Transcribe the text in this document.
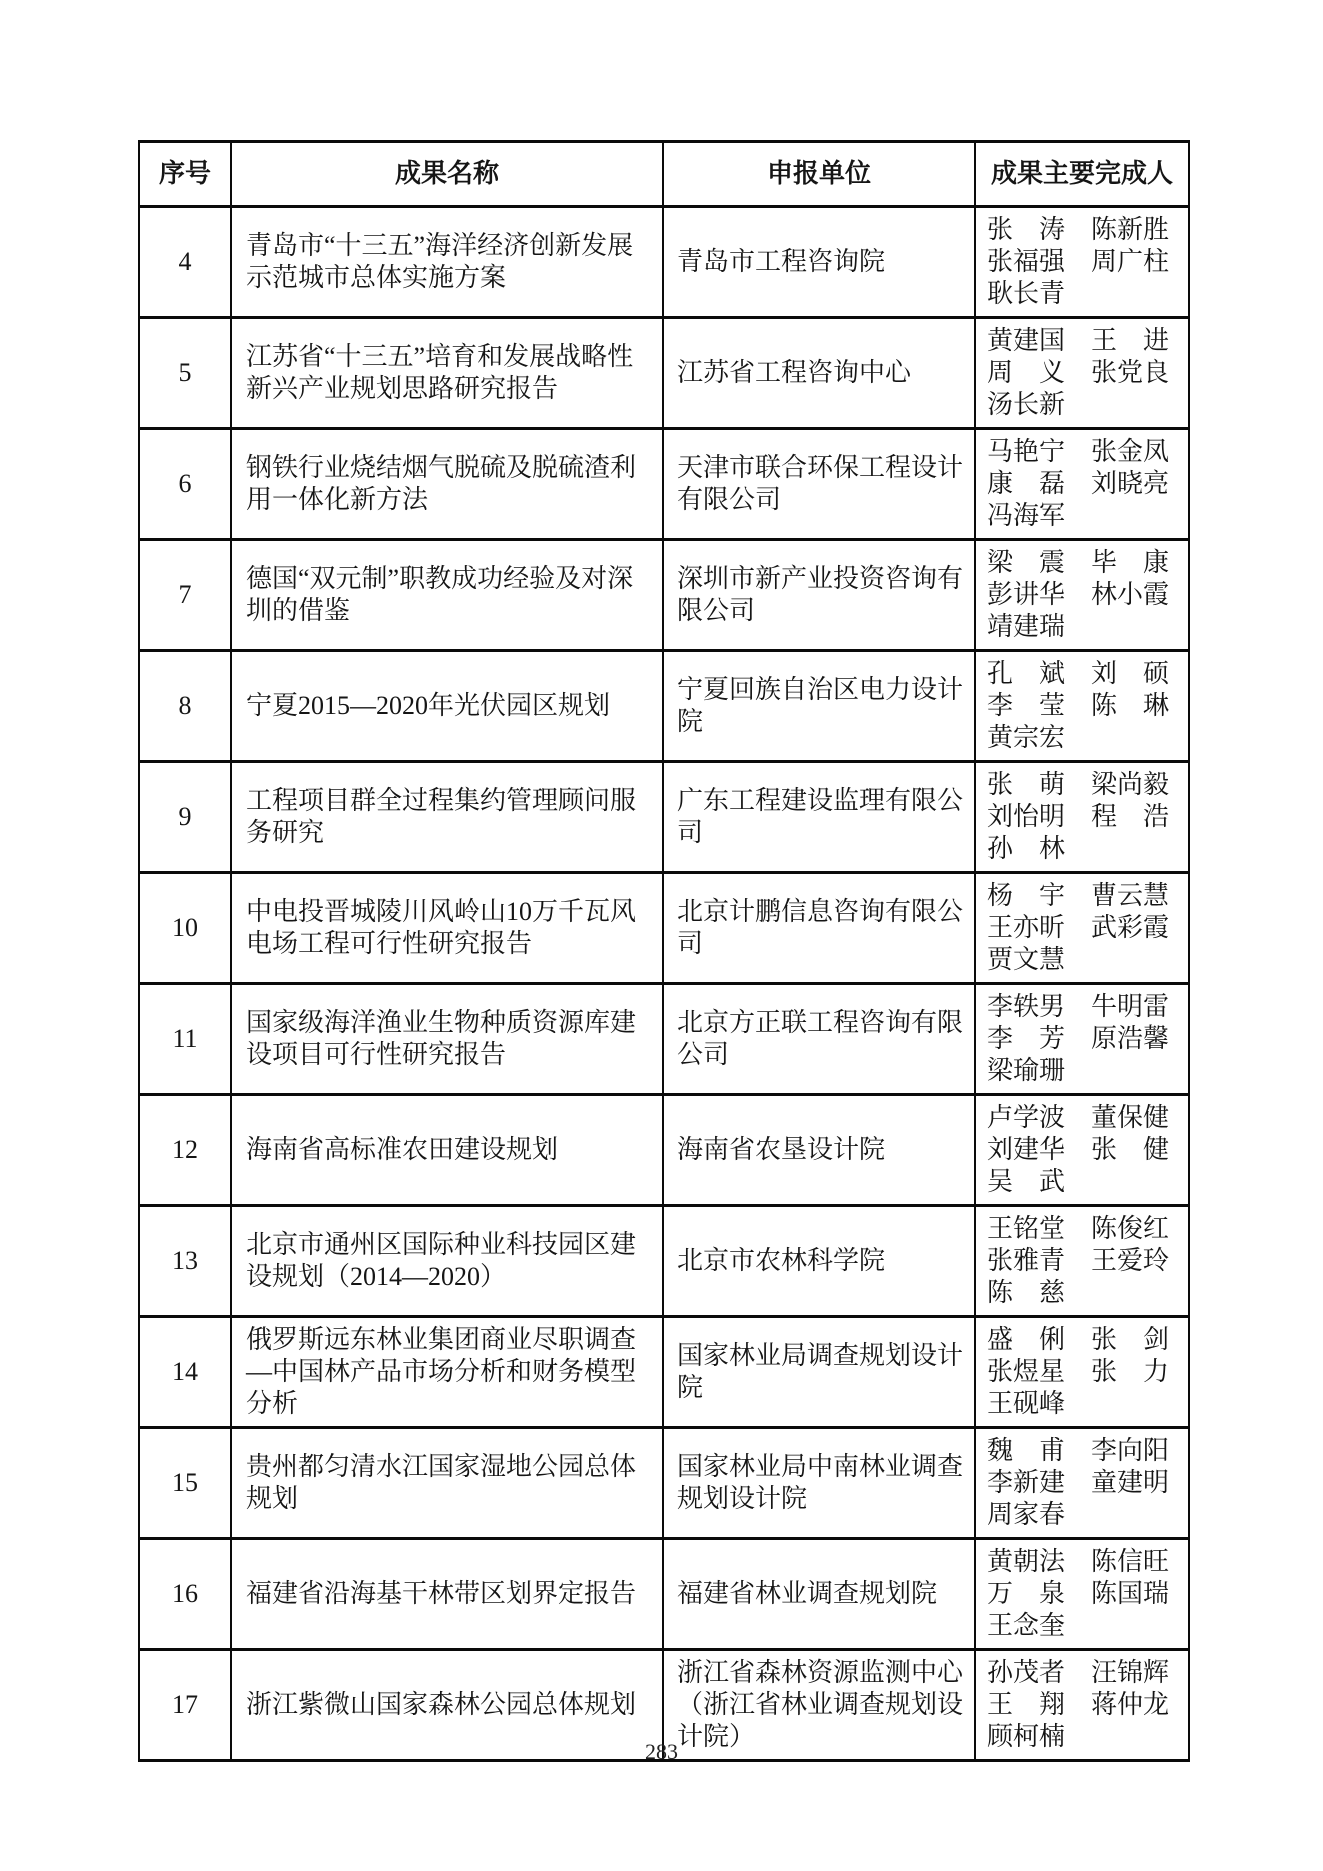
序号	成果名称	申报单位	成果主要完成人
4	青岛市“十三五”海洋经济创新发展示范城市总体实施方案	青岛市工程咨询院	张　涛　陈新胜
张福强　周广柱
耿长青

5	江苏省“十三五”培育和发展战略性新兴产业规划思路研究报告	江苏省工程咨询中心	黄建国　王　进
周　义　张党良
汤长新

6	钢铁行业烧结烟气脱硫及脱硫渣利用一体化新方法	天津市联合环保工程设计有限公司	马艳宁　张金凤
康　磊　刘晓亮
冯海军

7	德国“双元制”职教成功经验及对深圳的借鉴	深圳市新产业投资咨询有限公司	梁　震　毕　康
彭讲华　林小霞
靖建瑞

8	宁夏2015—2020年光伏园区规划	宁夏回族自治区电力设计院	孔　斌　刘　硕
李　莹　陈　琳
黄宗宏

9	工程项目群全过程集约管理顾问服务研究	广东工程建设监理有限公司	张　萌　梁尚毅
刘怡明　程　浩
孙　林

10	中电投晋城陵川风岭山10万千瓦风电场工程可行性研究报告	北京计鹏信息咨询有限公司	杨　宇　曹云慧
王亦昕　武彩霞
贾文慧

11	国家级海洋渔业生物种质资源库建设项目可行性研究报告	北京方正联工程咨询有限公司	李轶男　牛明雷
李　芳　原浩馨
梁瑜珊

12	海南省高标准农田建设规划	海南省农垦设计院	卢学波　董保健
刘建华　张　健
吴　武

13	北京市通州区国际种业科技园区建设规划（2014—2020）	北京市农林科学院	王铭堂　陈俊红
张雅青　王爱玲
陈　慈

14	俄罗斯远东林业集团商业尽职调查—中国林产品市场分析和财务模型分析	国家林业局调查规划设计院	盛　俐　张　剑
张煜星　张　力
王砚峰

15	贵州都匀清水江国家湿地公园总体规划	国家林业局中南林业调查规划设计院	魏　甫　李向阳
李新建　童建明
周家春

16	福建省沿海基干林带区划界定报告	福建省林业调查规划院	黄朝法　陈信旺
万　泉　陈国瑞
王念奎

17	浙江紫微山国家森林公园总体规划	浙江省森林资源监测中心（浙江省林业调查规划设计院）	孙茂者　汪锦辉
王　翔　蒋仲龙
顾柯楠
283
